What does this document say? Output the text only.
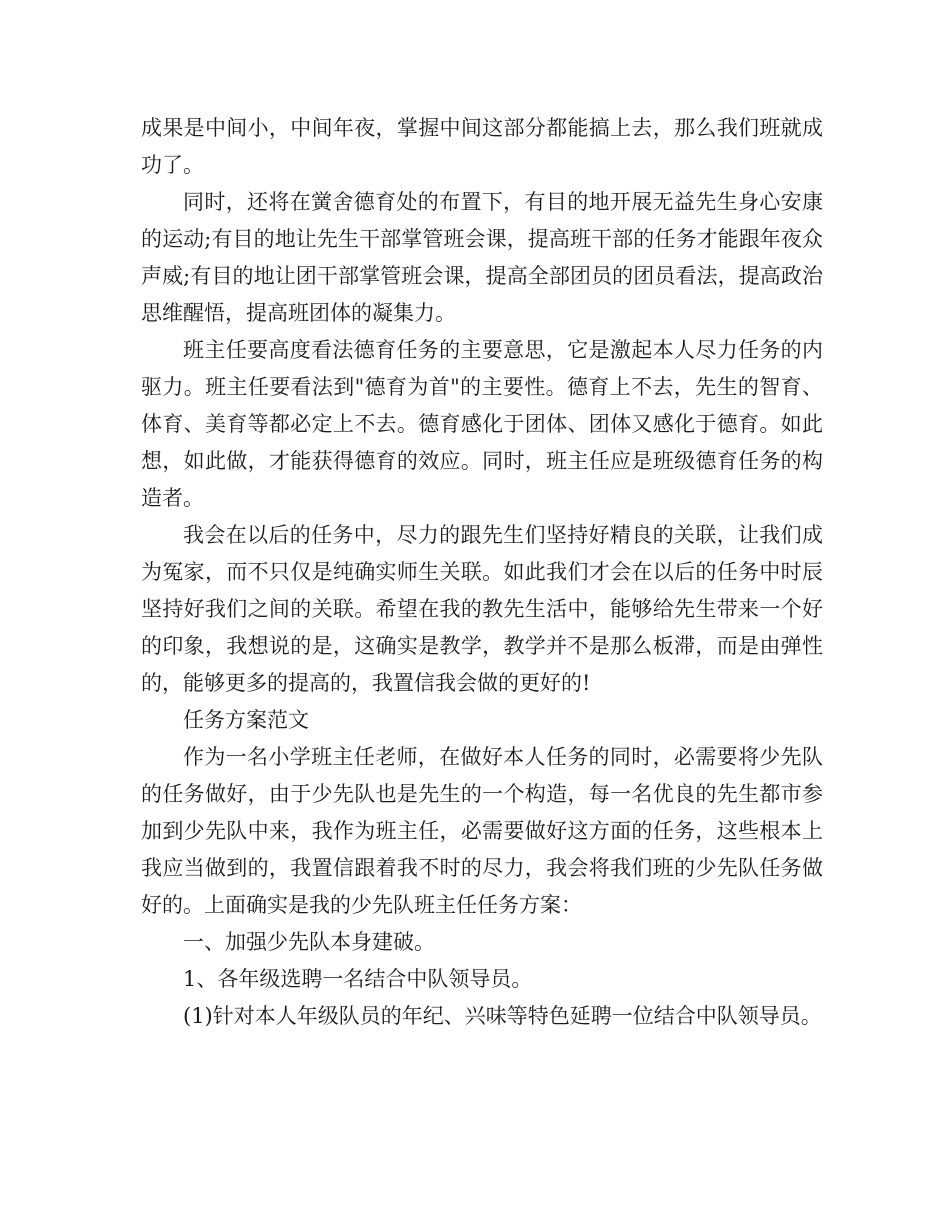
成果是中间小，中间年夜，掌握中间这部分都能搞上去，那么我们班就成功了。

同时，还将在黉舍德育处的布置下，有目的地开展无益先生身心安康的运动;有目的地让先生干部掌管班会课，提高班干部的任务才能跟年夜众声威;有目的地让团干部掌管班会课，提高全部团员的团员看法，提高政治思维醒悟，提高班团体的凝集力。

班主任要高度看法德育任务的主要意思，它是激起本人尽力任务的内驱力。班主任要看法到"德育为首"的主要性。德育上不去，先生的智育、体育、美育等都必定上不去。德育感化于团体、团体又感化于德育。如此想，如此做，才能获得德育的效应。同时，班主任应是班级德育任务的构造者。

我会在以后的任务中，尽力的跟先生们坚持好精良的关联，让我们成为冤家，而不只仅是纯确实师生关联。如此我们才会在以后的任务中时辰坚持好我们之间的关联。希望在我的教先生活中，能够给先生带来一个好的印象，我想说的是，这确实是教学，教学并不是那么板滞，而是由弹性的，能够更多的提高的，我置信我会做的更好的!

任务方案范文

作为一名小学班主任老师，在做好本人任务的同时，必需要将少先队的任务做好，由于少先队也是先生的一个构造，每一名优良的先生都市参加到少先队中来，我作为班主任，必需要做好这方面的任务，这些根本上我应当做到的，我置信跟着我不时的尽力，我会将我们班的少先队任务做好的。上面确实是我的少先队班主任任务方案：

一、加强少先队本身建破。

1、各年级选聘一名结合中队领导员。

(1)针对本人年级队员的年纪、兴味等特色延聘一位结合中队领导员。
